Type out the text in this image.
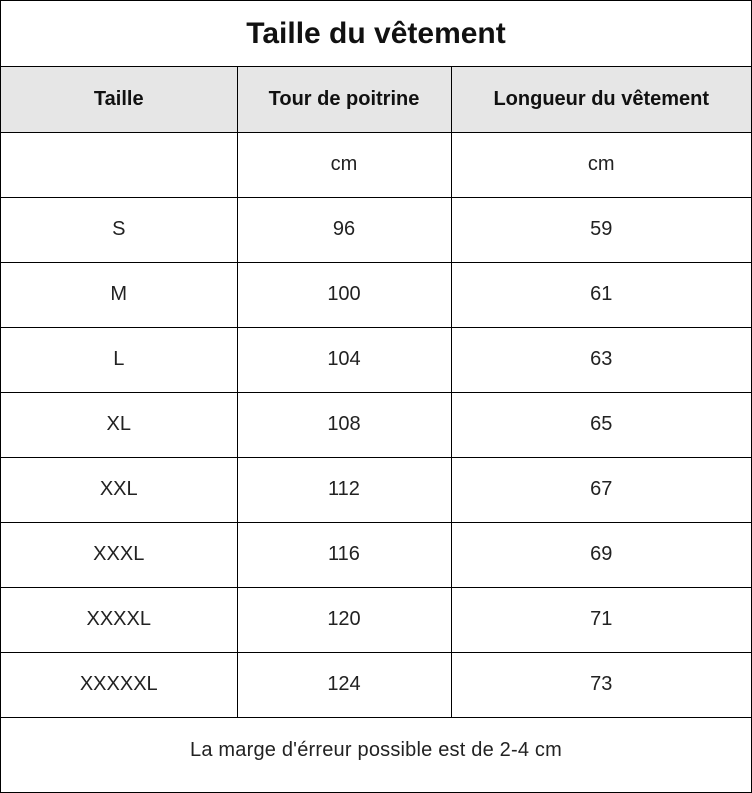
Taille du vêtement
Taille	Tour de poitrine	Longueur du vêtement
	cm	cm
S	96	59
M	100	61
L	104	63
XL	108	65
XXL	112	67
XXXL	116	69
XXXXL	120	71
XXXXXL	124	73
La marge d'érreur possible est de 2-4 cm
